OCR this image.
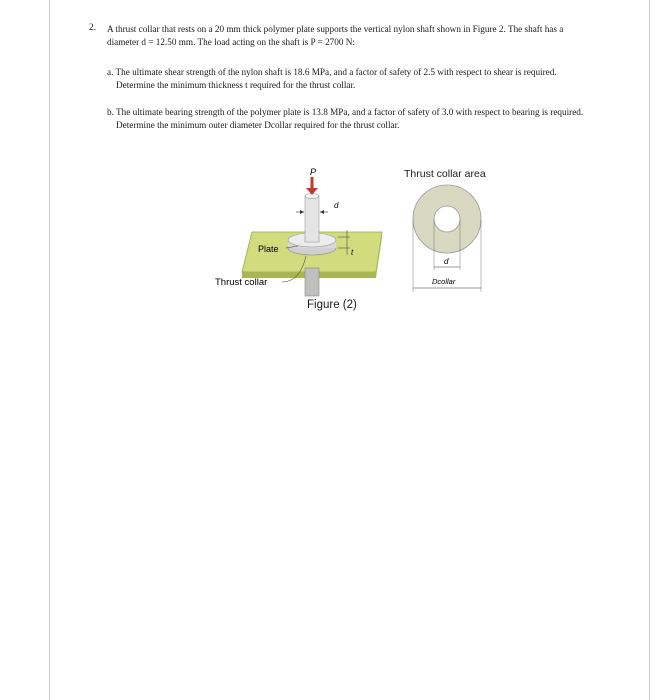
2. A thrust collar that rests on a 20 mm thick polymer plate supports the vertical nylon shaft shown in Figure 2. The shaft has a
diameter d = 12.50 mm. The load acting on the shaft is P = 2700 N:
a. The ultimate shear strength of the nylon shaft is 18.6 MPa, and a factor of safety of 2.5 with respect to shear is required.
Determine the minimum thickness t required for the thrust collar.
b. The ultimate bearing strength of the polymer plate is 13.8 MPa, and a factor of safety of 3.0 with respect to bearing is required.
Determine the minimum outer diameter Dcollar required for the thrust collar.
P
d
t
Plate
Thrust collar
d
Dcollar
Thrust collar area
Figure (2)
